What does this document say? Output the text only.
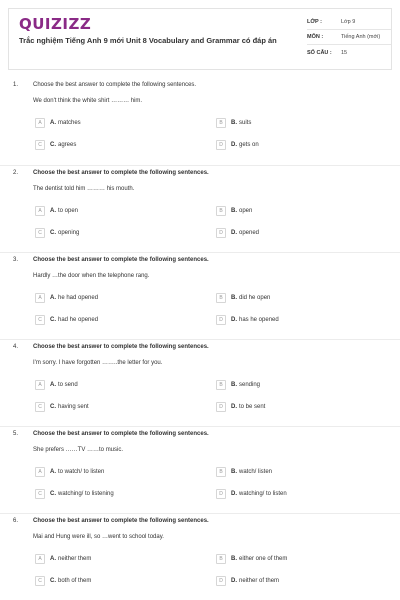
QUIZIZZ
Trắc nghiệm Tiếng Anh 9 mới Unit 8 Vocabulary and Grammar có đáp án
LỚP :	Lớp 9
MÔN :	Tiếng Anh (mới)
SỐ CÂU :	15
1. Choose the best answer to complete the following sentences.
We don't think the white shirt ……… him.
A	A. matches	B	B. suits
C	C. agrees	D	D. gets on
2. Choose the best answer to complete the following sentences.
The dentist told him ……… his mouth.
A	A. to open	B	B. open
C	C. opening	D	D. opened
3. Choose the best answer to complete the following sentences.
Hardly …the door when the telephone rang.
A	A. he had opened	B	B. did he open
C	C. had he opened	D	D. has he opened
4. Choose the best answer to complete the following sentences.
I'm sorry. I have forgotten ……..the letter for you.
A	A. to send	B	B. sending
C	C. having sent	D	D. to be sent
5. Choose the best answer to complete the following sentences.
She prefers ……TV ……to music.
A	A. to watch/ to listen	B	B. watch/ listen
C	C. watching/ to listening	D	D. watching/ to listen
6. Choose the best answer to complete the following sentences.
Mai and Hung were ill, so …went to school today.
A	A. neither them	B	B. either one of them
C	C. both of them	D	D. neither of them
